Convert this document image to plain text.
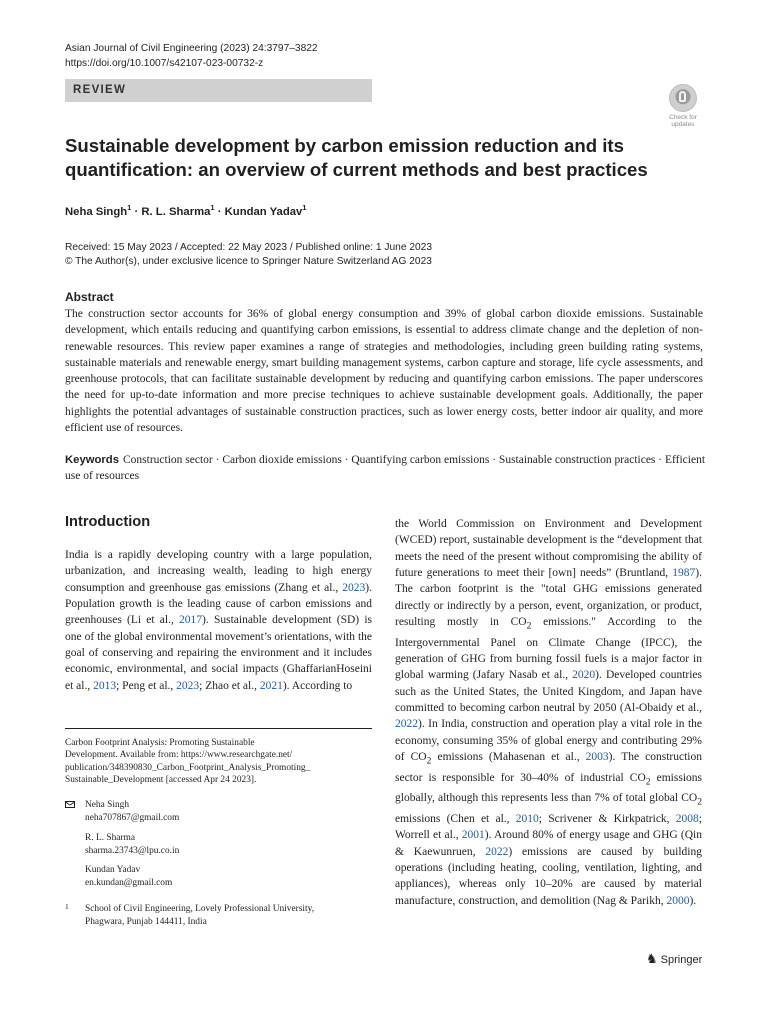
Asian Journal of Civil Engineering (2023) 24:3797–3822
https://doi.org/10.1007/s42107-023-00732-z
REVIEW
Check for
updates
Sustainable development by carbon emission reduction and its
quantification: an overview of current methods and best practices
Neha Singh$^1$ · R. L. Sharma$^1$ · Kundan Yadav$^1$
Received: 15 May 2023 / Accepted: 22 May 2023 / Published online: 1 June 2023
© The Author(s), under exclusive licence to Springer Nature Switzerland AG 2023
Abstract
The construction sector accounts for 36% of global energy consumption and 39% of global carbon dioxide emissions. Sustainable development, which entails reducing and quantifying carbon emissions, is essential to address climate change and the depletion of non-renewable resources. This review paper examines a range of strategies and methodologies, including green building rating systems, sustainable materials and renewable energy, smart building management systems, carbon capture and storage, life cycle assessments, and greenhouse protocols, that can facilitate sustainable development by reducing and quantifying carbon emissions. The paper underscores the need for up-to-date information and more precise techniques to achieve sustainable development goals. Additionally, the paper highlights the potential advantages of sustainable construction practices, such as lower energy costs, better indoor air quality, and more efficient use of resources.
Keywords Construction sector · Carbon dioxide emissions · Quantifying carbon emissions · Sustainable construction practices · Efficient use of resources
Introduction
India is a rapidly developing country with a large population, urbanization, and increasing wealth, leading to high energy consumption and greenhouse gas emissions (Zhang et al., 2023). Population growth is the leading cause of carbon emissions and greenhouses (Li et al., 2017). Sustainable development (SD) is one of the global environmental movement’s orientations, with the goal of conserving and repairing the environment and it includes economic, environmental, and social impacts (GhaffarianHoseini et al., 2013; Peng et al., 2023; Zhao et al., 2021). According to
the World Commission on Environment and Development (WCED) report, sustainable development is the “development that meets the need of the present without compromising the ability of future generations to meet their [own] needs” (Bruntland, 1987). The carbon footprint is the "total GHG emissions generated directly or indirectly by a person, event, organization, or product, resulting mostly in $CO_2$ emissions." According to the Intergovernmental Panel on Climate Change (IPCC), the generation of GHG from burning fossil fuels is a major factor in global warming (Jafary Nasab et al., 2020). Developed countries such as the United States, the United Kingdom, and Japan have committed to becoming carbon neutral by 2050 (Al-Obaidy et al., 2022). In India, construction and operation play a vital role in the economy, consuming 35% of global energy and contributing 29% of $CO_2$ emissions (Mahasenan et al., 2003). The construction sector is responsible for 30–40% of industrial $CO_2$ emissions globally, although this represents less than 7% of total global $CO_2$ emissions (Chen et al., 2010; Scrivener & Kirkpatrick, 2008; Worrell et al., 2001). Around 80% of energy usage and GHG (Qin & Kaewunruen, 2022) emissions are caused by building operations (including heating, cooling, ventilation, lighting, and appliances), whereas only 10–20% are caused by material manufacture, construction, and demolition (Nag & Parikh, 2000).
Carbon Footprint Analysis: Promoting Sustainable
Development. Available from: https://www.researchgate.net/
publication/348390830_Carbon_Footprint_Analysis_Promoting_
Sustainable_Development [accessed Apr 24 2023].
Neha Singh
neha707867@gmail.com
R. L. Sharma
sharma.23743@lpu.co.in
Kundan Yadav
en.kundan@gmail.com
1	School of Civil Engineering, Lovely Professional University,
Phagwara, Punjab 144411, India
♞ Springer
